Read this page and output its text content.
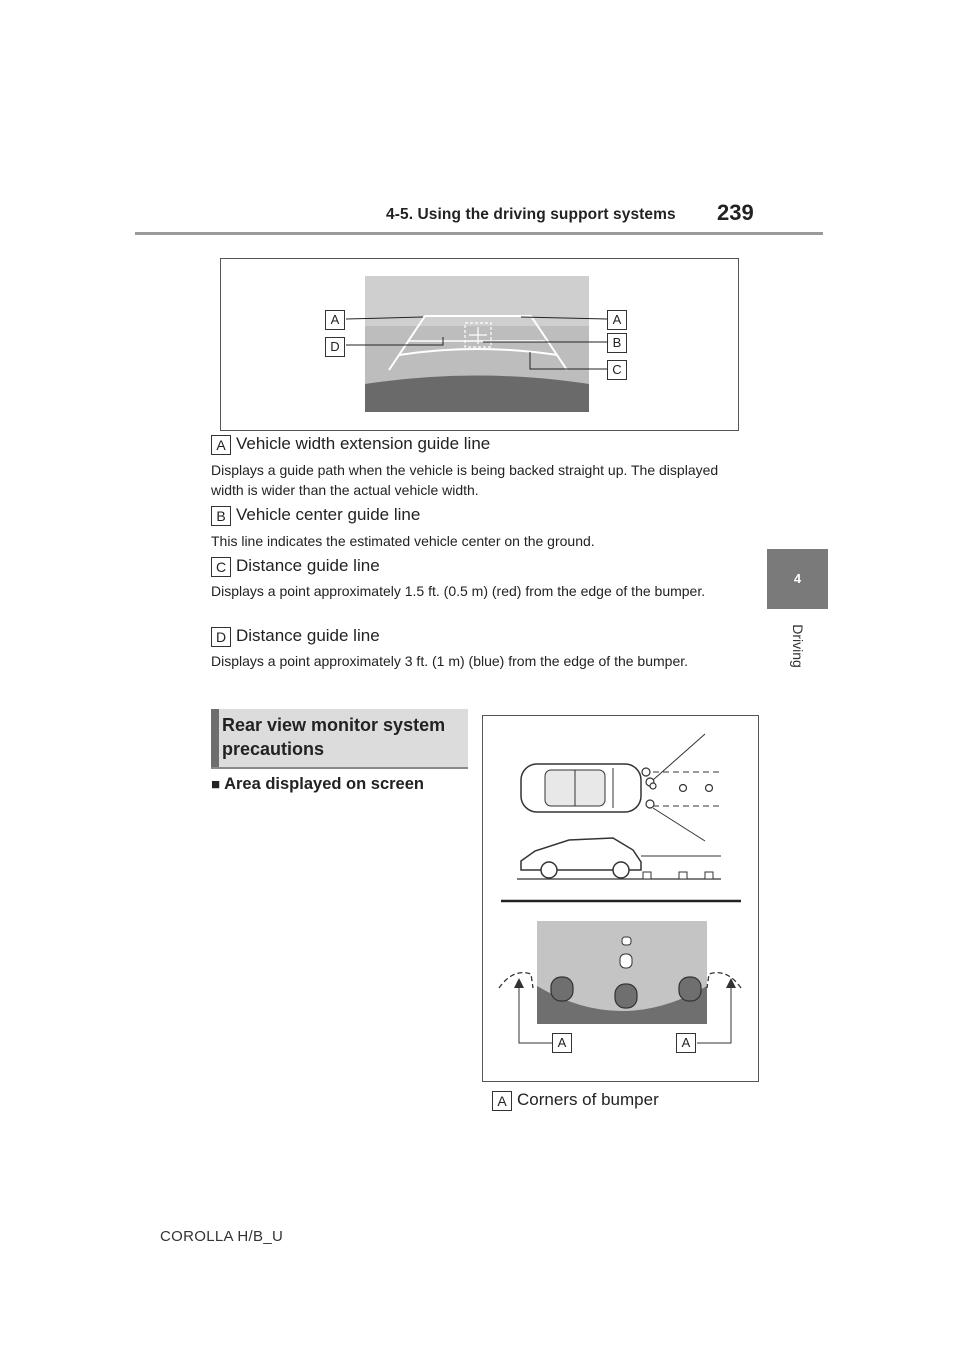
4-5. Using the driving support systems 239
4
Driving
A
D
A
B
C
A Vehicle width extension guide line
Displays a guide path when the vehicle is being backed straight up. The displayed width is wider than the actual vehicle width.
B Vehicle center guide line
This line indicates the estimated vehicle center on the ground.
C Distance guide line
Displays a point approximately 1.5 ft. (0.5 m) (red) from the edge of the bumper.
D Distance guide line
Displays a point approximately 3 ft. (1 m) (blue) from the edge of the bumper.
Rear view monitor system precautions
■ Area displayed on screen
A	A
A Corners of bumper
COROLLA H/B_U
